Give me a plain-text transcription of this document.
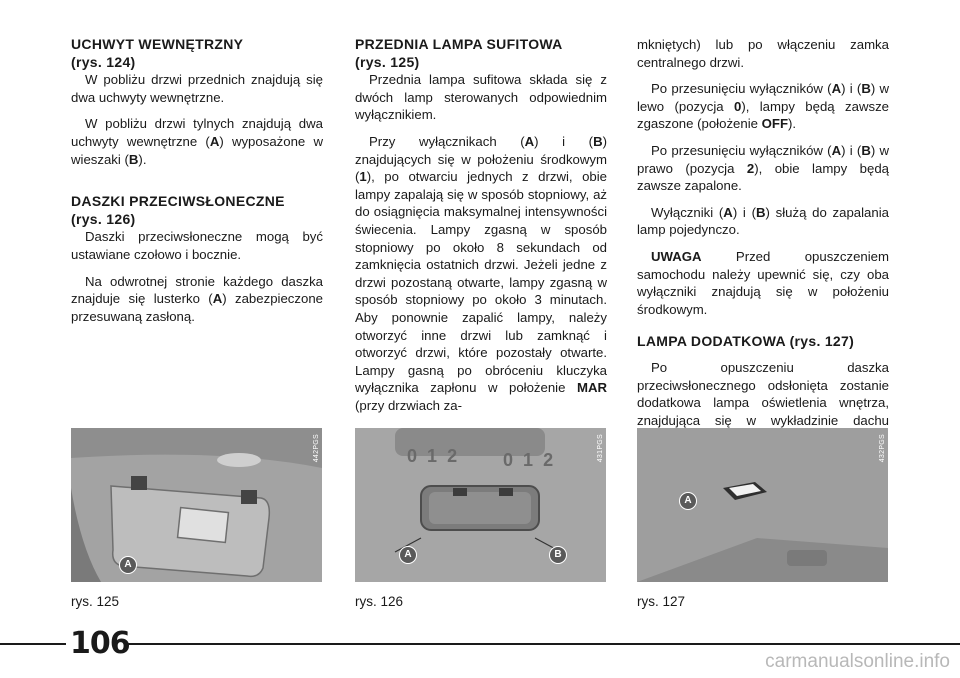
UCHWYT WEWNĘTRZNY
(rys. 124)

W pobliżu drzwi przednich znajdują się dwa uchwyty wewnętrzne.

W pobliżu drzwi tylnych znajdują dwa uchwyty wewnętrzne (A) wyposażone w wieszaki (B).

DASZKI PRZECIWSŁONECZNE
(rys. 126)

Daszki przeciwsłoneczne mogą być ustawiane czołowo i bocznie.

Na odwrotnej stronie każdego daszka znajduje się lusterko (A) zabezpieczone przesuwaną zasłoną.

PRZEDNIA LAMPA SUFITOWA
(rys. 125)

Przednia lampa sufitowa składa się z dwóch lamp sterowanych odpowiednim wyłącznikiem.

Przy wyłącznikach (A) i (B) znajdujących się w położeniu środkowym (1), po otwarciu jednych z drzwi, obie lampy zapalają się w sposób stopniowy, aż do osiągnięcia maksymalnej intensywności świecenia. Lampy zgasną w sposób stopniowy po około 8 sekundach od zamknięcia ostatnich drzwi. Jeżeli jedne z drzwi pozostaną otwarte, lampy zgasną w sposób stopniowy po około 3 minutach. Aby ponownie zapalić lampy, należy otworzyć inne drzwi lub zamknąć i otworzyć drzwi, które pozostały otwarte. Lampy gasną po obróceniu kluczyka wyłącznika zapłonu w położenie MAR (przy drzwiach za-

mkniętych) lub po włączeniu zamka centralnego drzwi.

Po przesunięciu wyłączników (A) i (B) w lewo (pozycja 0), lampy będą zawsze zgaszone (położenie OFF).

Po przesunięciu wyłączników (A) i (B) w prawo (pozycja 2), obie lampy będą zawsze zapalone.

Wyłączniki (A) i (B) służą do zapalania lamp pojedynczo.

UWAGA Przed opuszczeniem samochodu należy upewnić się, czy oba wyłączniki znajdują się w położeniu środkowym.

LAMPA DODATKOWA (rys. 127)

Po opuszczeniu daszka przeciwsłonecznego odsłonięta zostanie dodatkowa lampa oświetlenia wnętrza, znajdująca się w wykładzinie dachu

442PGS
A
0 1 2	0 1 2	431PGS
A	B
432PGS
A
rys. 125	rys. 126	rys. 127
106
carmanualsonline.info
